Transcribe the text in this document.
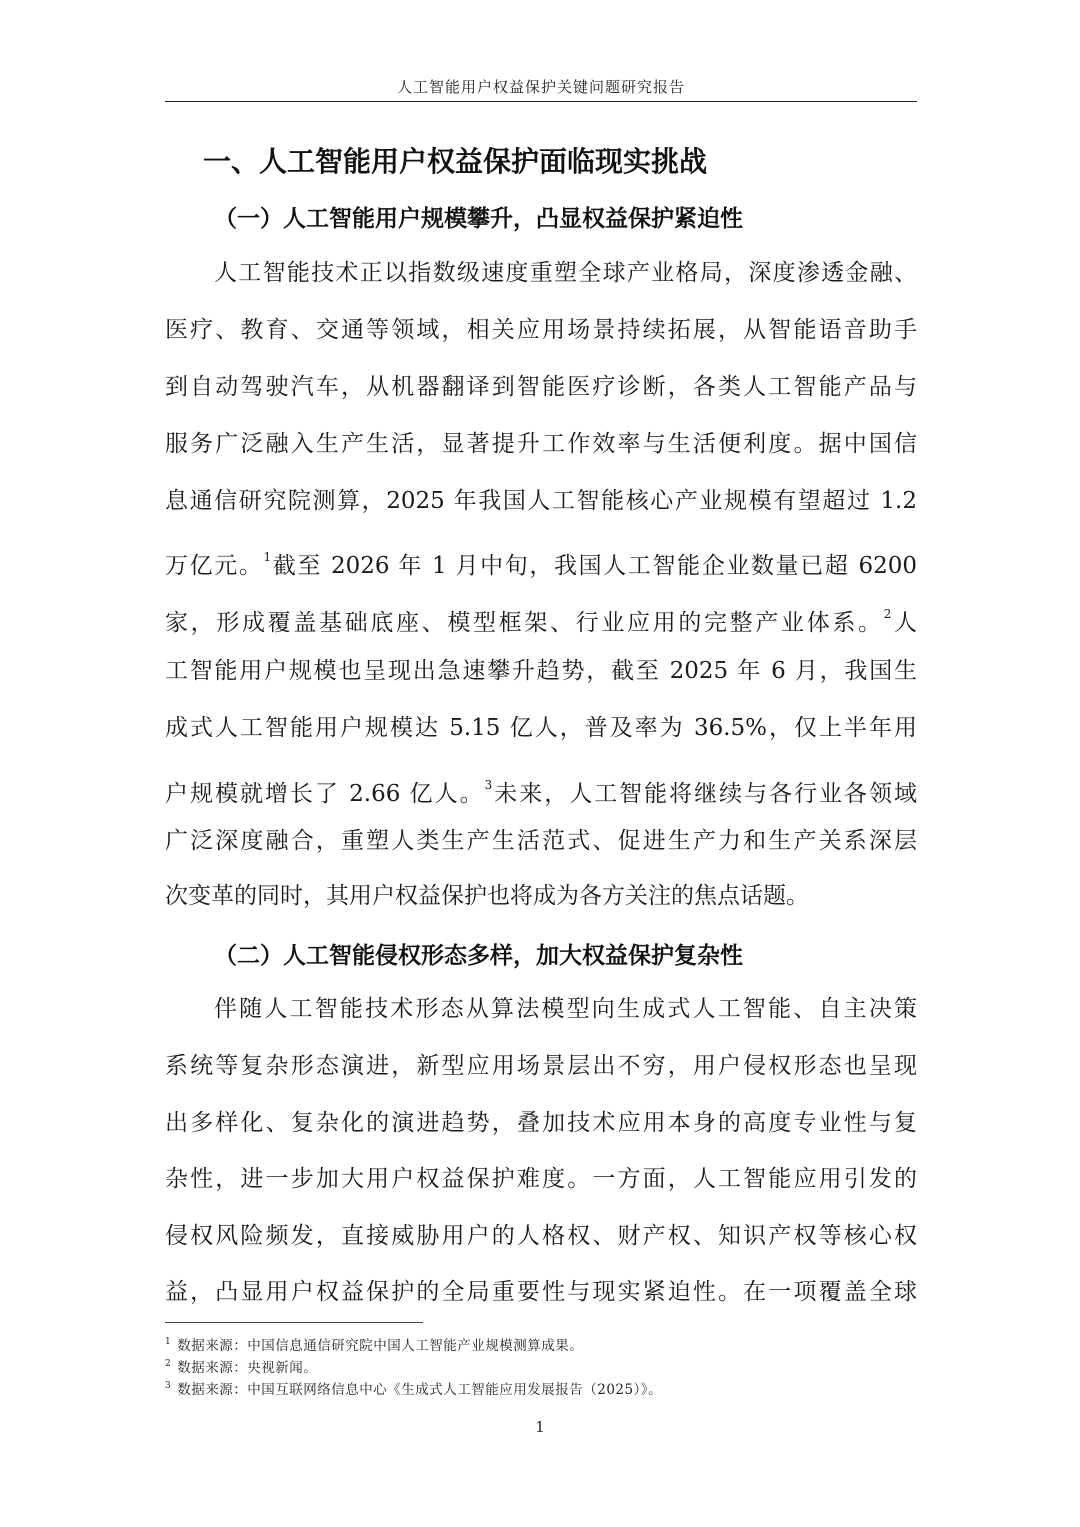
人工智能用户权益保护关键问题研究报告
一、人工智能用户权益保护面临现实挑战
（一）人工智能用户规模攀升，凸显权益保护紧迫性
人工智能技术正以指数级速度重塑全球产业格局，深度渗透金融、
医疗、教育、交通等领域，相关应用场景持续拓展，从智能语音助手
到自动驾驶汽车，从机器翻译到智能医疗诊断，各类人工智能产品与
服务广泛融入生产生活，显著提升工作效率与生活便利度。据中国信
息通信研究院测算，2025 年我国人工智能核心产业规模有望超过 1.2
万亿元。$^1$截至 2026 年 1 月中旬，我国人工智能企业数量已超 6200
家，形成覆盖基础底座、模型框架、行业应用的完整产业体系。$^2$人
工智能用户规模也呈现出急速攀升趋势，截至 2025 年 6 月，我国生
成式人工智能用户规模达 5.15 亿人，普及率为 36.5%，仅上半年用
户规模就增长了 2.66 亿人。$^3$未来，人工智能将继续与各行业各领域
广泛深度融合，重塑人类生产生活范式、促进生产力和生产关系深层
次变革的同时，其用户权益保护也将成为各方关注的焦点话题。
（二）人工智能侵权形态多样，加大权益保护复杂性
伴随人工智能技术形态从算法模型向生成式人工智能、自主决策
系统等复杂形态演进，新型应用场景层出不穷，用户侵权形态也呈现
出多样化、复杂化的演进趋势，叠加技术应用本身的高度专业性与复
杂性，进一步加大用户权益保护难度。一方面，人工智能应用引发的
侵权风险频发，直接威胁用户的人格权、财产权、知识产权等核心权
益，凸显用户权益保护的全局重要性与现实紧迫性。在一项覆盖全球
$^1$ 数据来源：中国信息通信研究院中国人工智能产业规模测算成果。
$^2$ 数据来源：央视新闻。
$^3$ 数据来源：中国互联网络信息中心《生成式人工智能应用发展报告（2025）》。
1
